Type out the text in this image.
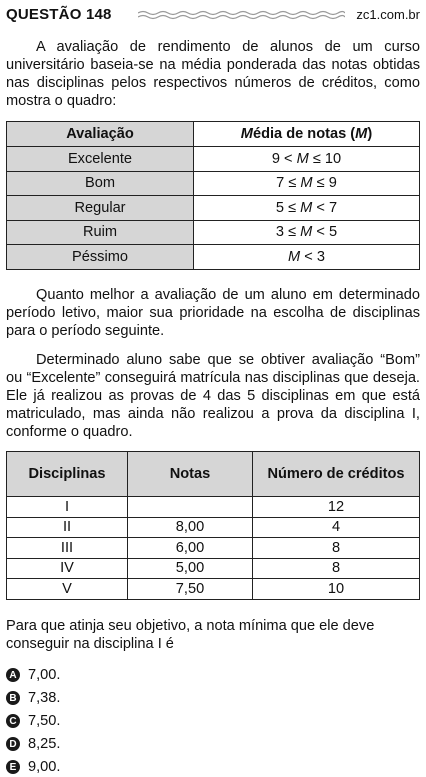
QUESTÃO 148	zc1.com.br

A avaliação de rendimento de alunos de um curso universitário baseia-se na média ponderada das notas obtidas nas disciplinas pelos respectivos números de créditos, como mostra o quadro:

Avaliação	Média de notas (M)
Excelente	9 < M ≤ 10
Bom	7 ≤ M ≤ 9
Regular	5 ≤ M < 7
Ruim	3 ≤ M < 5
Péssimo	M < 3

Quanto melhor a avaliação de um aluno em determinado período letivo, maior sua prioridade na escolha de disciplinas para o período seguinte.

Determinado aluno sabe que se obtiver avaliação “Bom” ou “Excelente” conseguirá matrícula nas disciplinas que deseja. Ele já realizou as provas de 4 das 5 disciplinas em que está matriculado, mas ainda não realizou a prova da disciplina I, conforme o quadro.

Disciplinas	Notas	Número de créditos
I		12
II	8,00	4
III	6,00	8
IV	5,00	8
V	7,50	10

Para que atinja seu objetivo, a nota mínima que ele deve conseguir na disciplina I é

A 7,00.
B 7,38.
C 7,50.
D 8,25.
E 9,00.
